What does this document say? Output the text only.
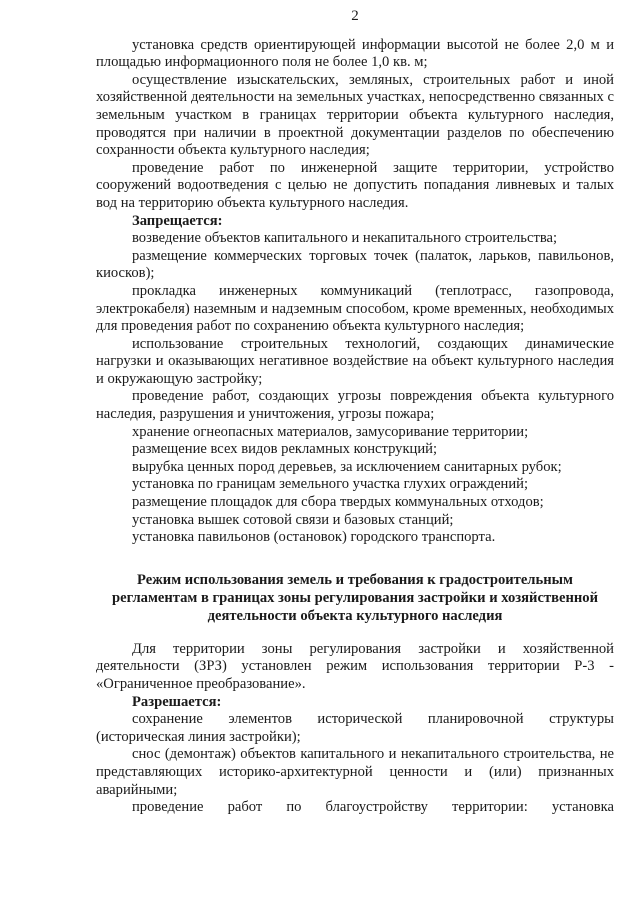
2

установка средств ориентирующей информации высотой не более 2,0 м и площадью информационного поля не более 1,0 кв. м;

осуществление изыскательских, земляных, строительных работ и иной хозяйственной деятельности на земельных участках, непосредственно связанных с земельным участком в границах территории объекта культурного наследия, проводятся при наличии в проектной документации разделов по обеспечению сохранности объекта культурного наследия;

проведение работ по инженерной защите территории, устройство сооружений водоотведения с целью не допустить попадания ливневых и талых вод на территорию объекта культурного наследия.

Запрещается:

возведение объектов капитального и некапитального строительства;

размещение коммерческих торговых точек (палаток, ларьков, павильонов, киосков);

прокладка инженерных коммуникаций (теплотрасс, газопровода, электрокабеля) наземным и надземным способом, кроме временных, необходимых для проведения работ по сохранению объекта культурного наследия;

использование строительных технологий, создающих динамические нагрузки и оказывающих негативное воздействие на объект культурного наследия и окружающую застройку;

проведение работ, создающих угрозы повреждения объекта культурного наследия, разрушения и уничтожения, угрозы пожара;

хранение огнеопасных материалов, замусоривание территории;

размещение всех видов рекламных конструкций;

вырубка ценных пород деревьев, за исключением санитарных рубок;

установка по границам земельного участка глухих ограждений;

размещение площадок для сбора твердых коммунальных отходов;

установка вышек сотовой связи и базовых станций;

установка павильонов (остановок) городского транспорта.

Режим использования земель и требования к градостроительным регламентам в границах зоны регулирования застройки и хозяйственной деятельности объекта культурного наследия

Для территории зоны регулирования застройки и хозяйственной деятельности (ЗРЗ) установлен режим использования территории Р-3 - «Ограниченное преобразование».

Разрешается:

сохранение элементов исторической планировочной структуры (историческая линия застройки);

снос (демонтаж) объектов капитального и некапитального строительства, не представляющих историко-архитектурной ценности и (или) признанных аварийными;

проведение работ по благоустройству территории: установка
